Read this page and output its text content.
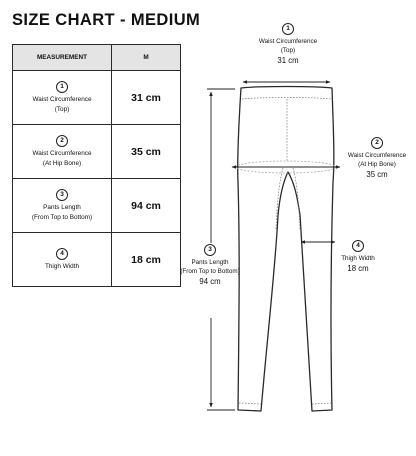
SIZE CHART - MEDIUM
MEASUREMENT	M
1
Waist Circumference
(Top)	31 cm
2
Waist Circumference
(At Hip Bone)	35 cm
3
Pants Length
(From Top to Bottom)	94 cm
4
Thigh Width	18 cm
1
Waist Circumference
(Top)
31 cm
2
Waist Circumference
(At Hip Bone)
35 cm
3
Pants Length
(From Top to Bottom)
94 cm
4
Thigh Width
18 cm
